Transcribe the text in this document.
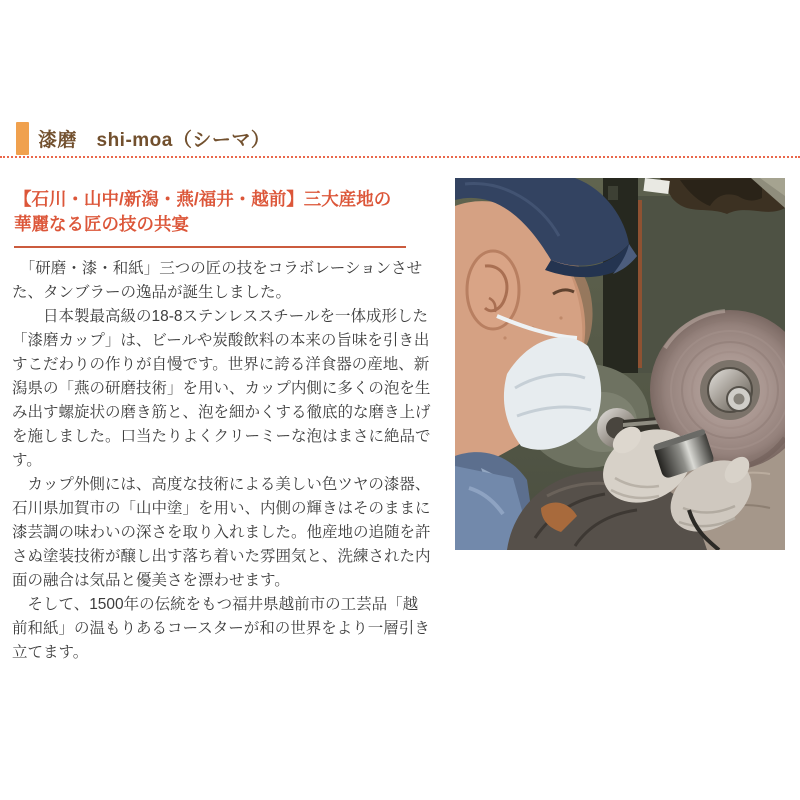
漆磨　shi-moa（シーマ）
【石川・山中/新潟・燕/福井・越前】三大産地の華麗なる匠の技の共宴

　「研磨・漆・和紙」三つの匠の技をコラボレーションさせた、タンブラーの逸品が誕生しました。

　　日本製最高級の18-8ステンレススチールを一体成形した「漆磨カップ」は、ビールや炭酸飲料の本来の旨味を引き出すこだわりの作りが自慢です。世界に誇る洋食器の産地、新潟県の「燕の研磨技術」を用い、カップ内側に多くの泡を生み出す螺旋状の磨き筋と、泡を細かくする徹底的な磨き上げを施しました。口当たりよくクリーミーな泡はまさに絶品です。

　カップ外側には、高度な技術による美しい色ツヤの漆器、石川県加賀市の「山中塗」を用い、内側の輝きはそのままに漆芸調の味わいの深さを取り入れました。他産地の追随を許さぬ塗装技術が醸し出す落ち着いた雰囲気と、洗練された内面の融合は気品と優美さを漂わせます。

　そして、1500年の伝統をもつ福井県越前市の工芸品「越前和紙」の温もりあるコースターが和の世界をより一層引き立てます。
